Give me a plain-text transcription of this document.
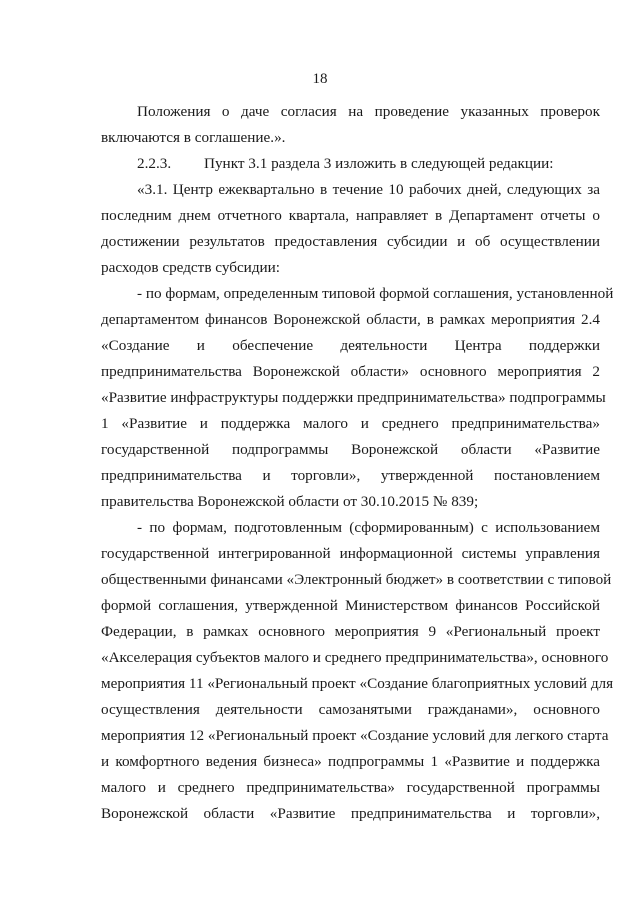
18
Положения о даче согласия на проведение указанных проверок
включаются в соглашение.».
2.2.3.	Пункт 3.1 раздела 3 изложить в следующей редакции:
«3.1. Центр ежеквартально в течение 10 рабочих дней, следующих за
последним днем отчетного квартала, направляет в Департамент отчеты о
достижении результатов предоставления субсидии и об осуществлении
расходов средств субсидии:
- по формам, определенным типовой формой соглашения, установленной
департаментом финансов Воронежской области, в рамках мероприятия 2.4
«Создание и обеспечение деятельности Центра поддержки
предпринимательства Воронежской области» основного мероприятия 2
«Развитие инфраструктуры поддержки предпринимательства» подпрограммы
1 «Развитие и поддержка малого и среднего предпринимательства»
государственной подпрограммы Воронежской области «Развитие
предпринимательства и торговли», утвержденной постановлением
правительства Воронежской области от 30.10.2015 № 839;
- по формам, подготовленным (сформированным) с использованием
государственной интегрированной информационной системы управления
общественными финансами «Электронный бюджет» в соответствии с типовой
формой соглашения, утвержденной Министерством финансов Российской
Федерации, в рамках основного мероприятия 9 «Региональный проект
«Акселерация субъектов малого и среднего предпринимательства», основного
мероприятия 11 «Региональный проект «Создание благоприятных условий для
осуществления деятельности самозанятыми гражданами», основного
мероприятия 12 «Региональный проект «Создание условий для легкого старта
и комфортного ведения бизнеса» подпрограммы 1 «Развитие и поддержка
малого и среднего предпринимательства» государственной программы
Воронежской области «Развитие предпринимательства и торговли»,
